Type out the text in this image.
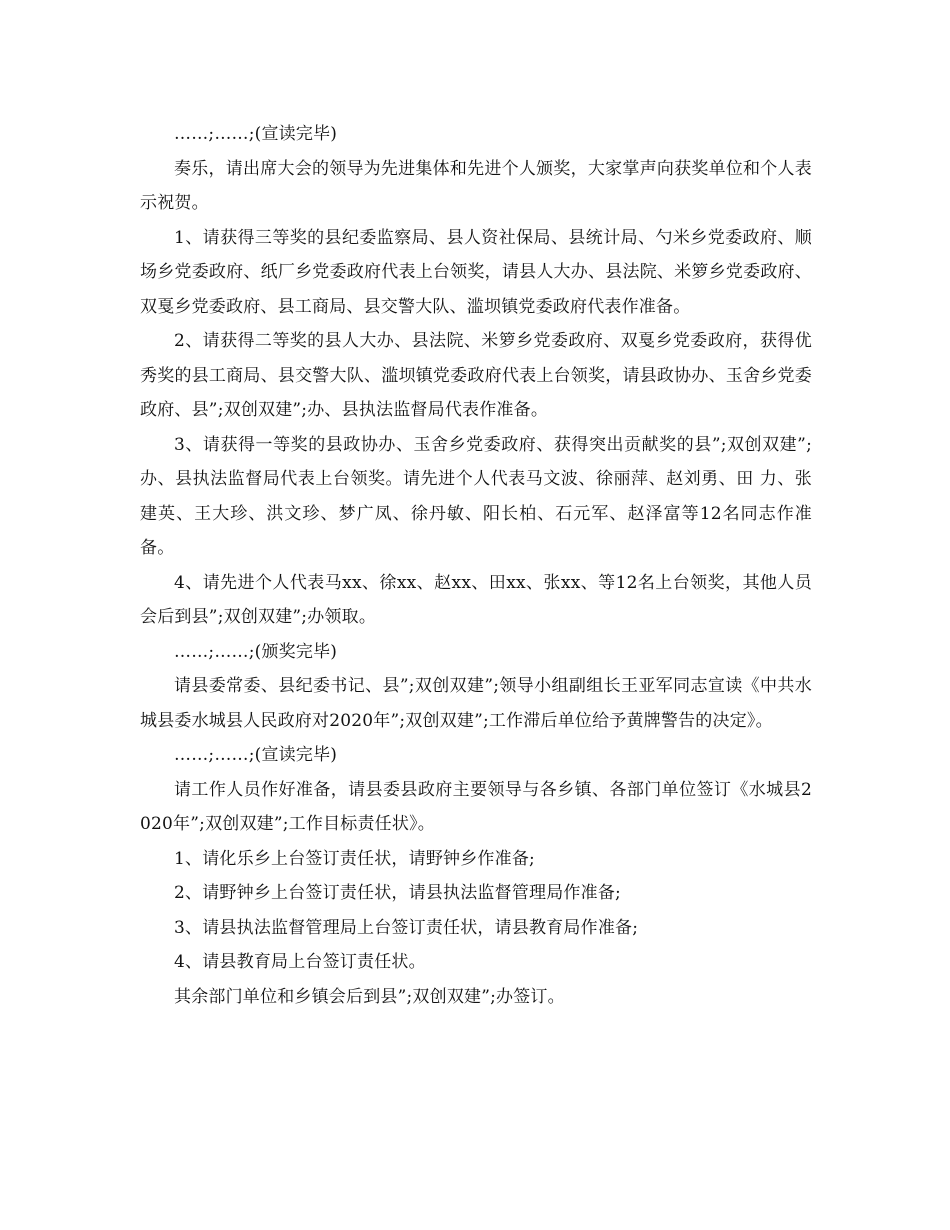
……;……;(宣读完毕)

奏乐，请出席大会的领导为先进集体和先进个人颁奖，大家掌声向获奖单位和个人表示祝贺。

1、请获得三等奖的县纪委监察局、县人资社保局、县统计局、勺米乡党委政府、顺场乡党委政府、纸厂乡党委政府代表上台领奖，请县人大办、县法院、米箩乡党委政府、双戛乡党委政府、县工商局、县交警大队、滥坝镇党委政府代表作准备。

2、请获得二等奖的县人大办、县法院、米箩乡党委政府、双戛乡党委政府，获得优秀奖的县工商局、县交警大队、滥坝镇党委政府代表上台领奖，请县政协办、玉舍乡党委政府、县”;双创双建”;办、县执法监督局代表作准备。

3、请获得一等奖的县政协办、玉舍乡党委政府、获得突出贡献奖的县”;双创双建”;办、县执法监督局代表上台领奖。请先进个人代表马文波、徐丽萍、赵刘勇、田 力、张建英、王大珍、洪文珍、梦广凤、徐丹敏、阳长柏、石元军、赵泽富等12名同志作准备。

4、请先进个人代表马xx、徐xx、赵xx、田xx、张xx、等12名上台领奖，其他人员会后到县”;双创双建”;办领取。

……;……;(颁奖完毕)

请县委常委、县纪委书记、县”;双创双建”;领导小组副组长王亚军同志宣读《中共水城县委水城县人民政府对2020年”;双创双建”;工作滞后单位给予黄牌警告的决定》。

……;……;(宣读完毕)

请工作人员作好准备，请县委县政府主要领导与各乡镇、各部门单位签订《水城县2020年”;双创双建”;工作目标责任状》。

1、请化乐乡上台签订责任状，请野钟乡作准备;

2、请野钟乡上台签订责任状，请县执法监督管理局作准备;

3、请县执法监督管理局上台签订责任状，请县教育局作准备;

4、请县教育局上台签订责任状。

其余部门单位和乡镇会后到县”;双创双建”;办签订。
